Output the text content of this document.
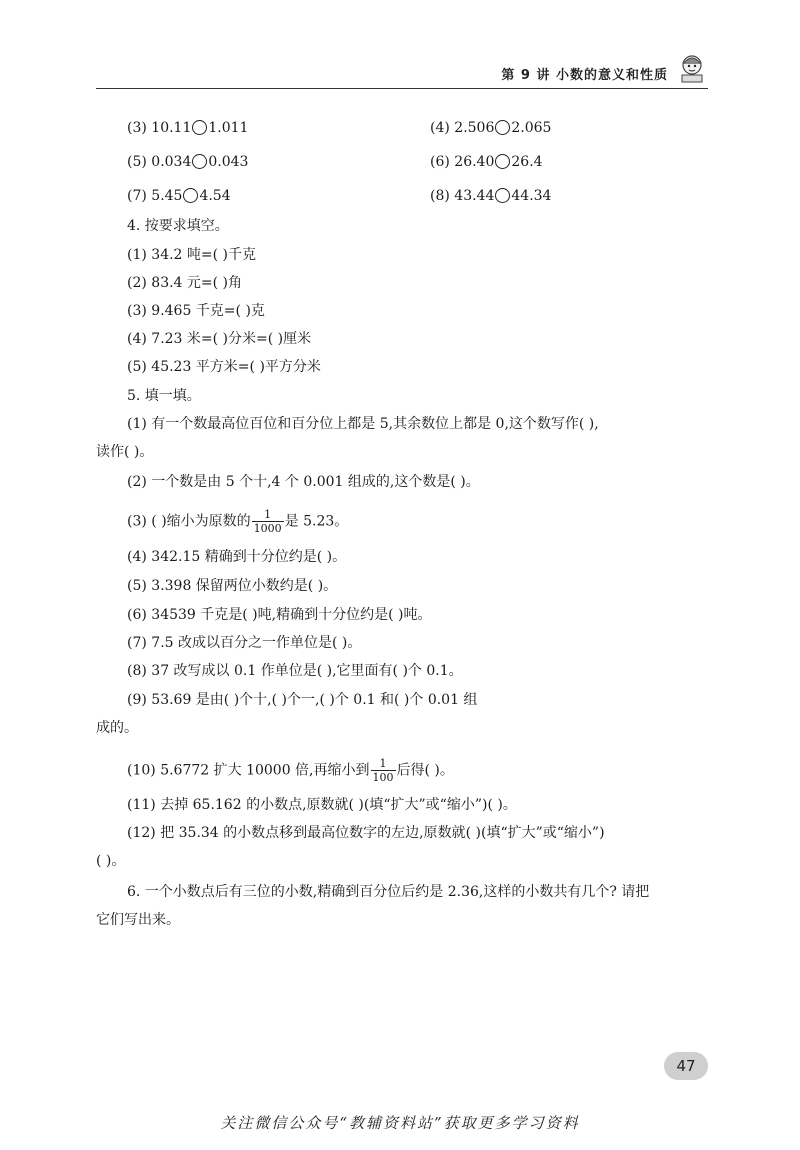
第 9 讲 小数的意义和性质
(3) 10.11 1.011	(4) 2.506 2.065
(5) 0.034 0.043	(6) 26.40 26.4
(7) 5.45 4.54	(8) 43.44 44.34
4. 按要求填空。
(1) 34.2 吨=( )千克
(2) 83.4 元=( )角
(3) 9.465 千克=( )克
(4) 7.23 米=( )分米=( )厘米
(5) 45.23 平方米=( )平方分米
5. 填一填。
(1) 有一个数最高位百位和百分位上都是 5,其余数位上都是 0,这个数写作( ),
读作( )。
(2) 一个数是由 5 个十,4 个 0.001 组成的,这个数是( )。
(3) ( )缩小为原数的 $\frac{1}{1000}$ 是 5.23。
(4) 342.15 精确到十分位约是( )。
(5) 3.398 保留两位小数约是( )。
(6) 34539 千克是( )吨,精确到十分位约是( )吨。
(7) 7.5 改成以百分之一作单位是( )。
(8) 37 改写成以 0.1 作单位是( ),它里面有( )个 0.1。
(9) 53.69 是由( )个十,( )个一,( )个 0.1 和( )个 0.01 组
成的。
(10) 5.6772 扩大 10000 倍,再缩小到 $\frac{1}{100}$ 后得( )。
(11) 去掉 65.162 的小数点,原数就( )(填“扩大”或“缩小”)( )。
(12) 把 35.34 的小数点移到最高位数字的左边,原数就( )(填“扩大”或“缩小”)
( )。
6. 一个小数点后有三位的小数,精确到百分位后约是 2.36,这样的小数共有几个? 请把
它们写出来。
47
关注微信公众号“教辅资料站”获取更多学习资料
